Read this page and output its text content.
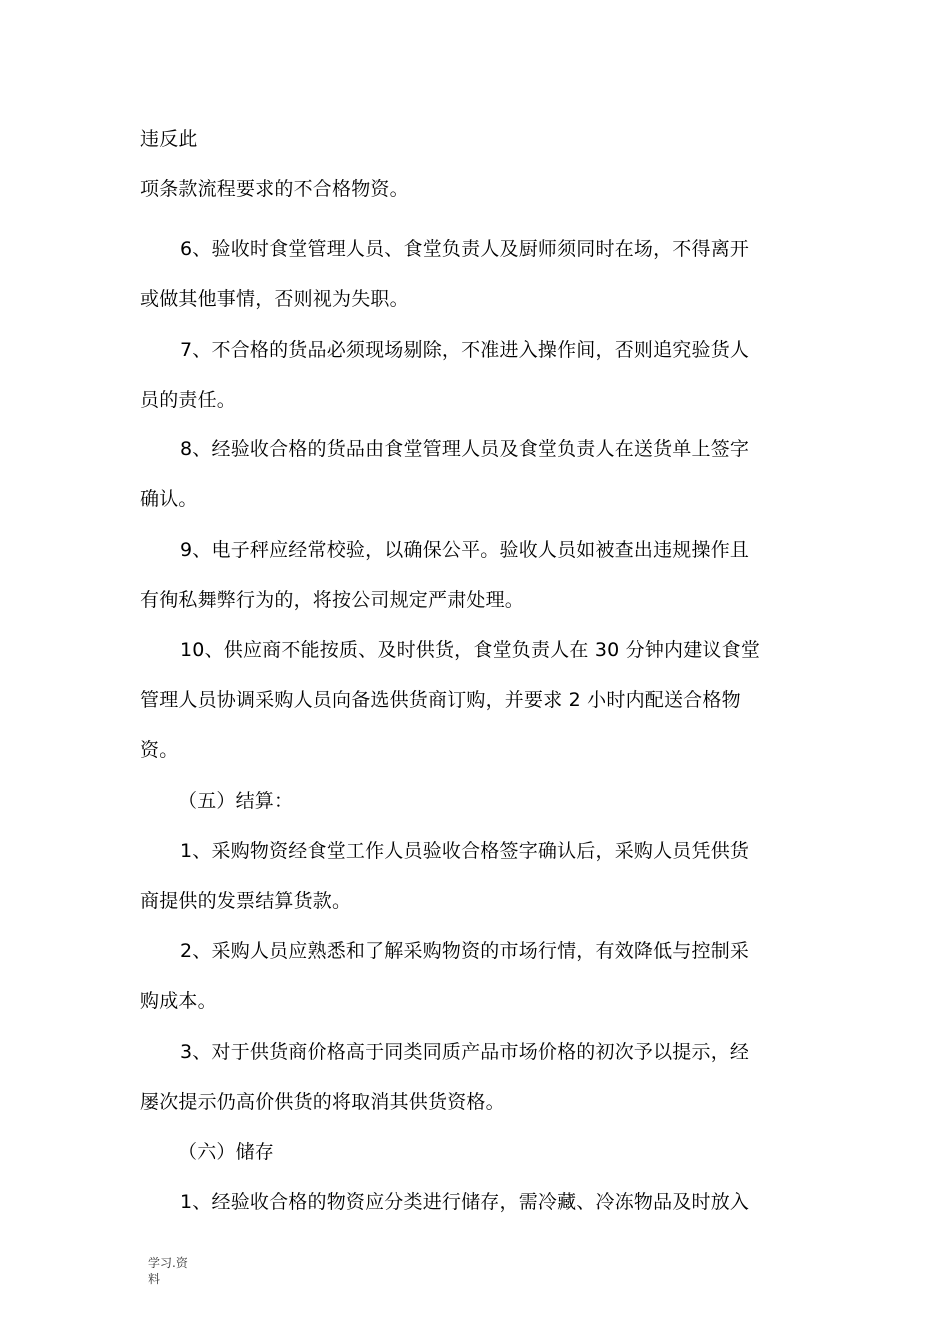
违反此
项条款流程要求的不合格物资。
6、验收时食堂管理人员、食堂负责人及厨师须同时在场，不得离开
或做其他事情，否则视为失职。
7、不合格的货品必须现场剔除，不准进入操作间，否则追究验货人
员的责任。
8、经验收合格的货品由食堂管理人员及食堂负责人在送货单上签字
确认。
9、电子秤应经常校验，以确保公平。验收人员如被查出违规操作且
有徇私舞弊行为的，将按公司规定严肃处理。
10、供应商不能按质、及时供货，食堂负责人在 30 分钟内建议食堂
管理人员协调采购人员向备选供货商订购，并要求 2 小时内配送合格物
资。
（五）结算：
1、采购物资经食堂工作人员验收合格签字确认后，采购人员凭供货
商提供的发票结算货款。
2、采购人员应熟悉和了解采购物资的市场行情，有效降低与控制采
购成本。
3、对于供货商价格高于同类同质产品市场价格的初次予以提示，经
屡次提示仍高价供货的将取消其供货资格。
（六）储存
1、经验收合格的物资应分类进行储存，需冷藏、冷冻物品及时放入
学习.资
料
